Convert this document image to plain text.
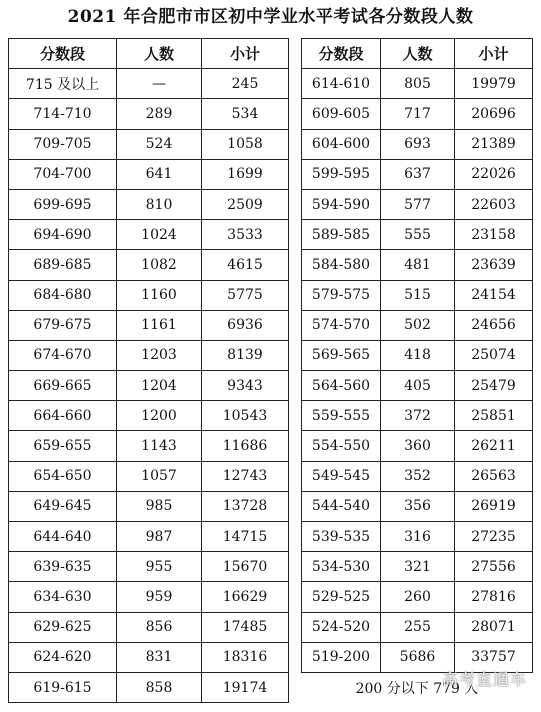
2021 年合肥市市区初中学业水平考试各分数段人数
分数段	人数	小计
715 及以上	—	245
714-710	289	534
709-705	524	1058
704-700	641	1699
699-695	810	2509
694-690	1024	3533
689-685	1082	4615
684-680	1160	5775
679-675	1161	6936
674-670	1203	8139
669-665	1204	9343
664-660	1200	10543
659-655	1143	11686
654-650	1057	12743
649-645	985	13728
644-640	987	14715
639-635	955	15670
634-630	959	16629
629-625	856	17485
624-620	831	18316
619-615	858	19174
分数段	人数	小计
614-610	805	19979
609-605	717	20696
604-600	693	21389
599-595	637	22026
594-590	577	22603
589-585	555	23158
584-580	481	23639
579-575	515	24154
574-570	502	24656
569-565	418	25074
564-560	405	25479
559-555	372	25851
554-550	360	26211
549-545	352	26563
544-540	356	26919
539-535	316	27235
534-530	321	27556
529-525	260	27816
524-520	255	28071
519-200	5686	33757
200 分以下 779 人		
高考直通车
